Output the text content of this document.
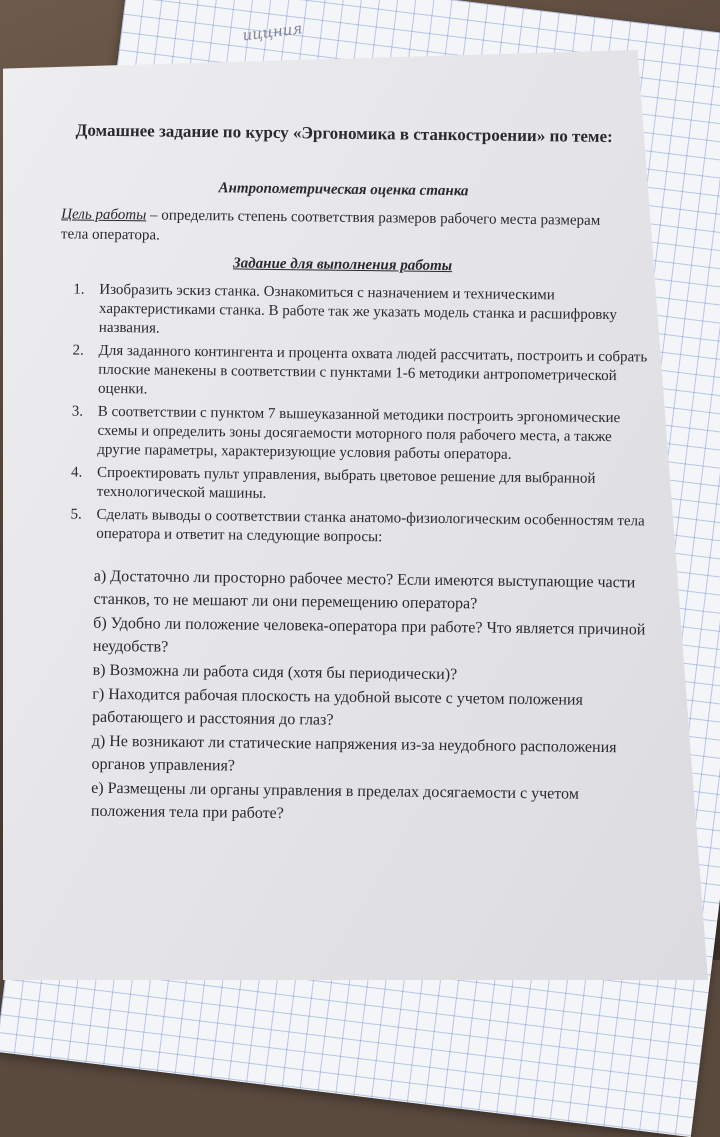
иццния
Домашнее задание по курсу «Эргономика в станкостроении» по теме:
Антропометрическая оценка станка

Цель работы – определить степень соответствия размеров рабочего места размерам тела оператора.

Задание для выполнения работы
1. Изобразить эскиз станка. Ознакомиться с назначением и техническими характеристиками станка. В работе так же указать модель станка и расшифровку названия.
2. Для заданного контингента и процента охвата людей рассчитать, построить и собрать плоские манекены в соответствии с пунктами 1-6 методики антропометрической оценки.
3. В соответствии с пунктом 7 вышеуказанной методики построить эргономические схемы и определить зоны досягаемости моторного поля рабочего места, а также другие параметры, характеризующие условия работы оператора.
4. Спроектировать пульт управления, выбрать цветовое решение для выбранной технологической машины.
5. Сделать выводы о соответствии станка анатомо-физиологическим особенностям тела оператора и ответит на следующие вопросы:
а) Достаточно ли просторно рабочее место? Если имеются выступающие части станков, то не мешают ли они перемещению оператора?
б) Удобно ли положение человека-оператора при работе? Что является причиной неудобств?
в) Возможна ли работа сидя (хотя бы периодически)?
г) Находится рабочая плоскость на удобной высоте с учетом положения работающего и расстояния до глаз?
д) Не возникают ли статические напряжения из-за неудобного расположения органов управления?
е) Размещены ли органы управления в пределах досягаемости с учетом положения тела при работе?
